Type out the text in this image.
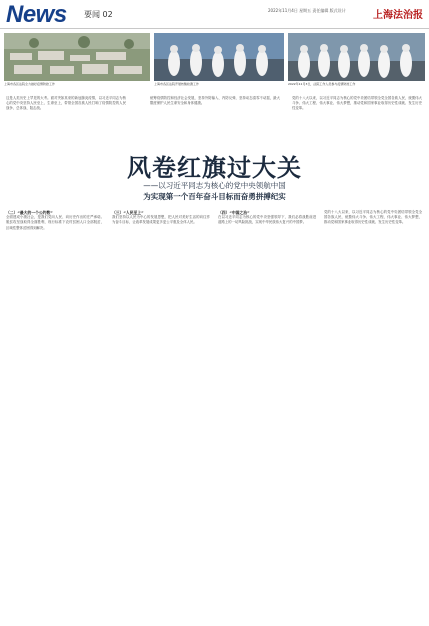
News 要闻 02	2022年11月4日 星期五 责任编辑 版式设计	上海法治报
上海市各区法院全力做好疫情防控工作	上海市各区法院开展核酸检测工作	2022年11月3日，法院工作人员参与疫情防控工作
这是人类历史上罕见的大考。面对突如其来的新冠肺炎疫情，以习近平同志为核心的党中央坚持人民至上、生命至上，带领全国各族人民打响了疫情防控的人民战争、总体战、阻击战。
统筹疫情防控和经济社会发展，坚持外防输入、内防反弹，坚持动态清零不动摇，最大限度保护人民生命安全和身体健康。
党的十八大以来，以习近平同志为核心的党中央团结带领全党全国各族人民，统揽伟大斗争、伟大工程、伟大事业、伟大梦想，推动党和国家事业取得历史性成就、发生历史性变革。
风卷红旗过大关
——以习近平同志为核心的党中央领航中国
为实现第一个百年奋斗目标而奋勇拼搏纪实
（二）“最大的一个公约数”
全面建成小康社会，是我们党向人民、向历史作出的庄严承诺。脱贫攻坚战取得全面胜利，现行标准下农村贫困人口全部脱贫，区域性整体贫困得到解决。
（三）“人民至上”
我们坚持以人民为中心的发展思想，把人民对美好生活的向往作为奋斗目标，让改革发展成果更多更公平惠及全体人民。
（四）“中国之治”
在以习近平同志为核心的党中央坚强领导下，我们必将战胜前进道路上的一切风险挑战，实现中华民族伟大复兴的中国梦。
党的十八大以来，以习近平同志为核心的党中央团结带领全党全国各族人民，统揽伟大斗争、伟大工程、伟大事业、伟大梦想，推动党和国家事业取得历史性成就、发生历史性变革。
